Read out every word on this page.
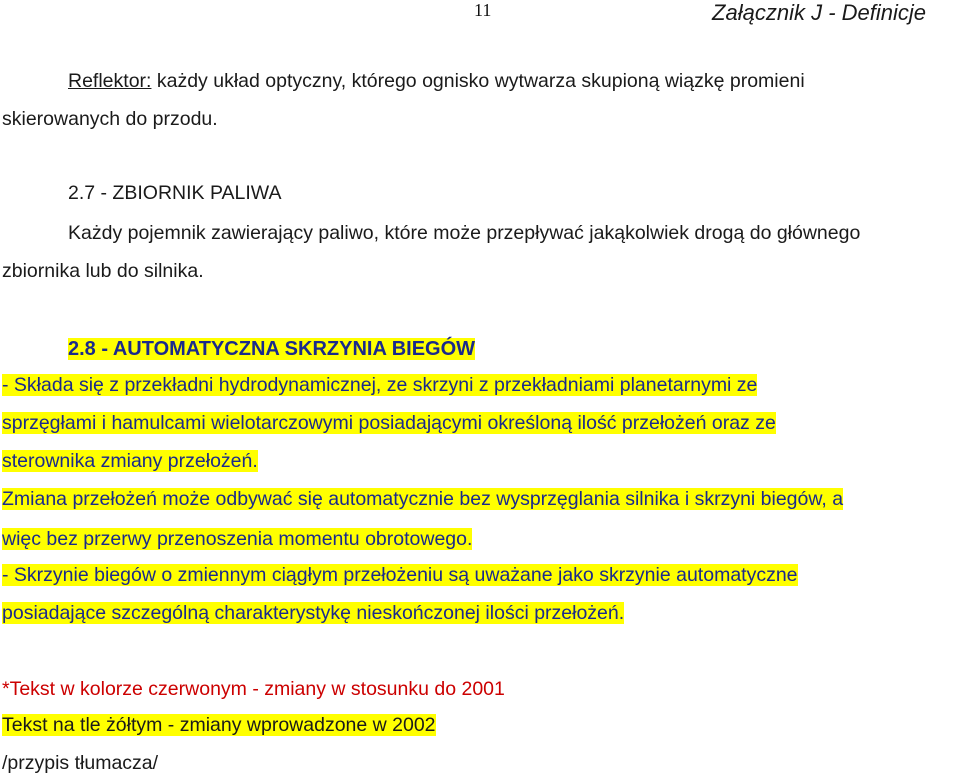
11	Załącznik J - Definicje
Reflektor: każdy układ optyczny, którego ognisko wytwarza skupioną wiązkę promieni
skierowanych do przodu.
2.7 - ZBIORNIK PALIWA
Każdy pojemnik zawierający paliwo, które może przepływać jakąkolwiek drogą do głównego
zbiornika lub do silnika.
2.8 - AUTOMATYCZNA SKRZYNIA BIEGÓW
- Składa się z przekładni hydrodynamicznej, ze skrzyni z przekładniami planetarnymi ze
sprzęgłami i hamulcami wielotarczowymi posiadającymi określoną ilość przełożeń oraz ze
sterownika zmiany przełożeń.
Zmiana przełożeń może odbywać się automatycznie bez wysprzęglania silnika i skrzyni biegów, a
więc bez przerwy przenoszenia momentu obrotowego.
- Skrzynie biegów o zmiennym ciągłym przełożeniu są uważane jako skrzynie automatyczne
posiadające szczególną charakterystykę nieskończonej ilości przełożeń.
*Tekst w kolorze czerwonym - zmiany w stosunku do 2001
Tekst na tle żółtym - zmiany wprowadzone w 2002
/przypis tłumacza/
